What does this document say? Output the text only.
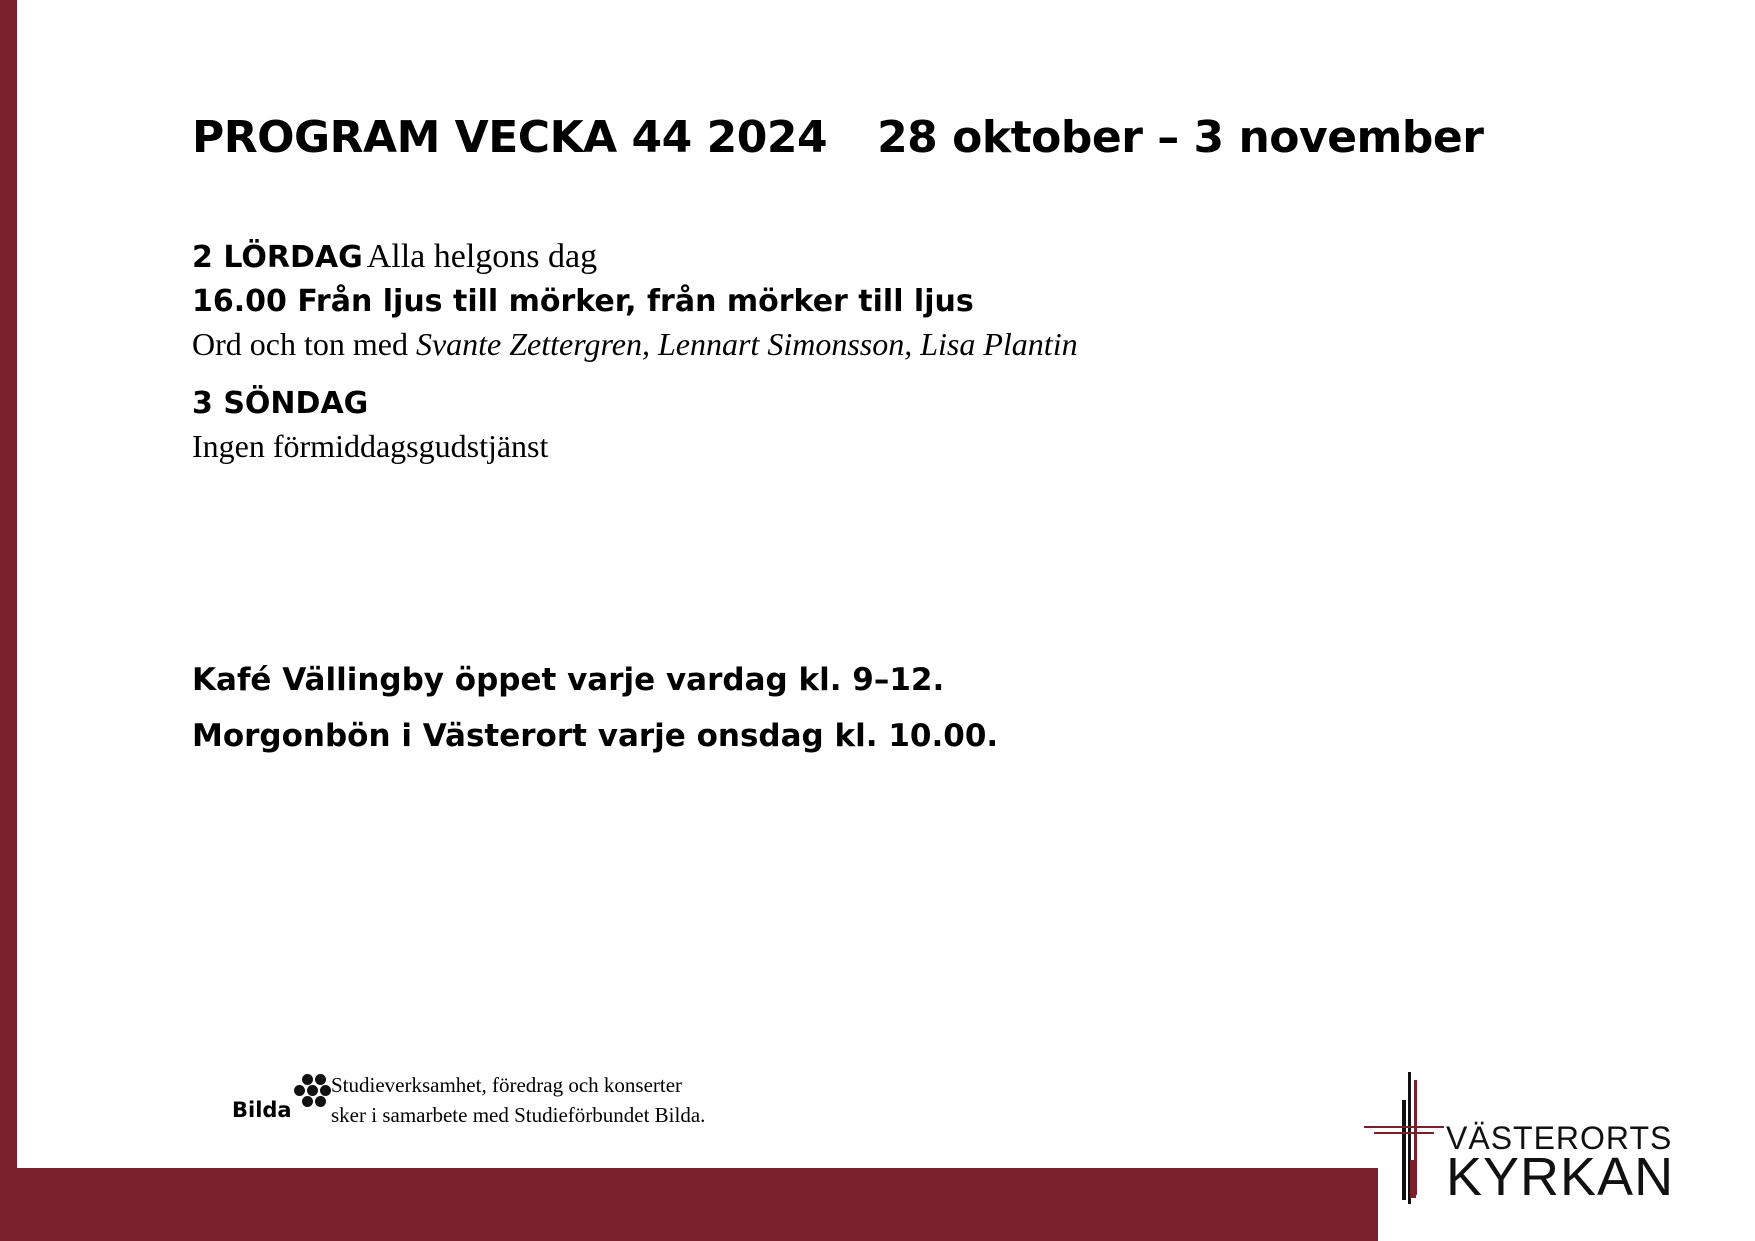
PROGRAM VECKA 44 2024 28 oktober – 3 november
2 LÖRDAG Alla helgons dag
16.00 Från ljus till mörker, från mörker till ljus
Ord och ton med Svante Zettergren, Lennart Simonsson, Lisa Plantin
3 SÖNDAG
Ingen förmiddagsgudstjänst
Kafé Vällingby öppet varje vardag kl. 9–12.
Morgonbön i Västerort varje onsdag kl. 10.00.
Bilda
Studieverksamhet, föredrag och konserter
sker i samarbete med Studieförbundet Bilda.
VÄSTERORTS
KYRKAN
